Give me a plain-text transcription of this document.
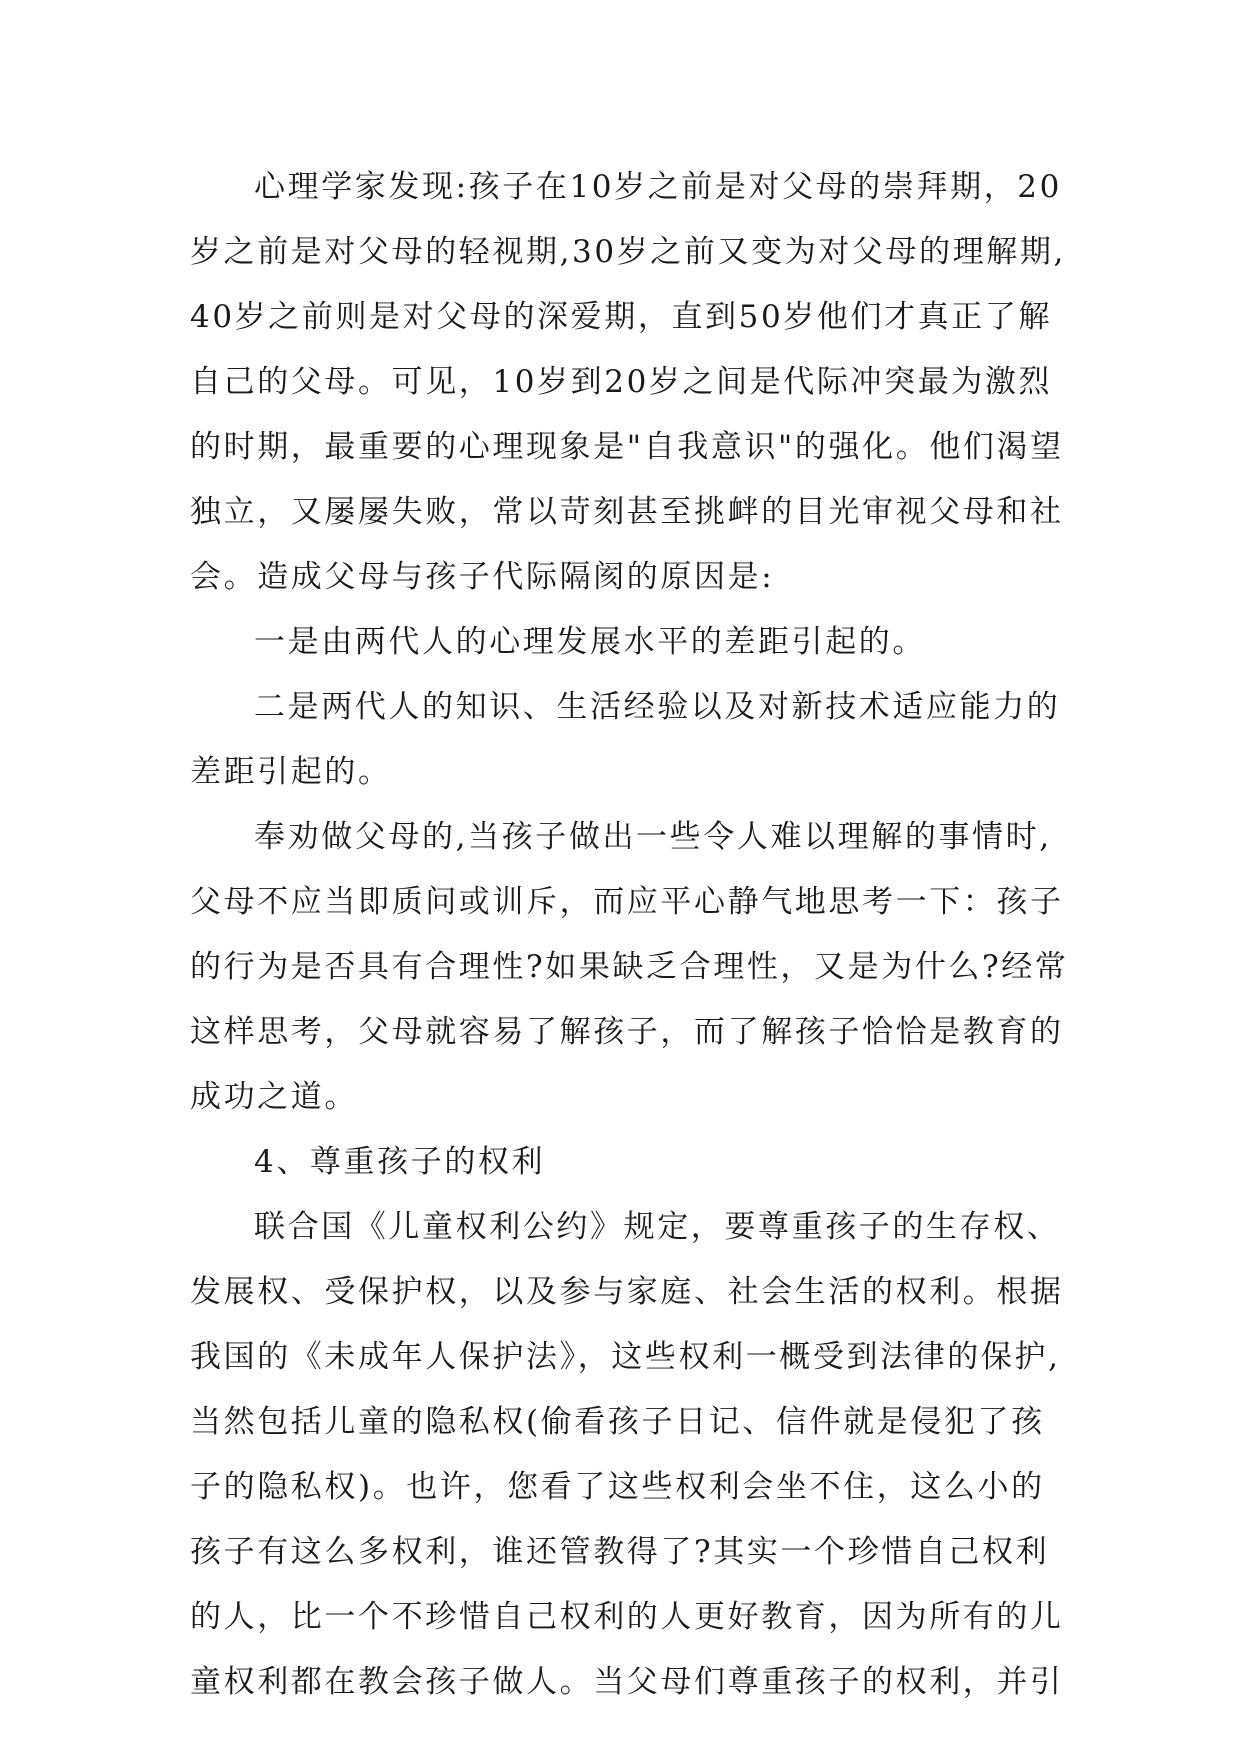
心理学家发现:孩子在10岁之前是对父母的崇拜期，20
岁之前是对父母的轻视期,30岁之前又变为对父母的理解期,
40岁之前则是对父母的深爱期，直到50岁他们才真正了解
自己的父母。可见，10岁到20岁之间是代际冲突最为激烈
的时期，最重要的心理现象是"自我意识"的强化。他们渴望
独立，又屡屡失败，常以苛刻甚至挑衅的目光审视父母和社
会。造成父母与孩子代际隔阂的原因是:
一是由两代人的心理发展水平的差距引起的。
二是两代人的知识、生活经验以及对新技术适应能力的
差距引起的。
奉劝做父母的,当孩子做出一些令人难以理解的事情时,
父母不应当即质问或训斥，而应平心静气地思考一下：孩子
的行为是否具有合理性?如果缺乏合理性，又是为什么?经常
这样思考，父母就容易了解孩子，而了解孩子恰恰是教育的
成功之道。
4、尊重孩子的权利
联合国《儿童权利公约》规定，要尊重孩子的生存权、
发展权、受保护权，以及参与家庭、社会生活的权利。根据
我国的《未成年人保护法》，这些权利一概受到法律的保护,
当然包括儿童的隐私权(偷看孩子日记、信件就是侵犯了孩
子的隐私权)。也许，您看了这些权利会坐不住，这么小的
孩子有这么多权利，谁还管教得了?其实一个珍惜自己权利
的人，比一个不珍惜自己权利的人更好教育，因为所有的儿
童权利都在教会孩子做人。当父母们尊重孩子的权利，并引
